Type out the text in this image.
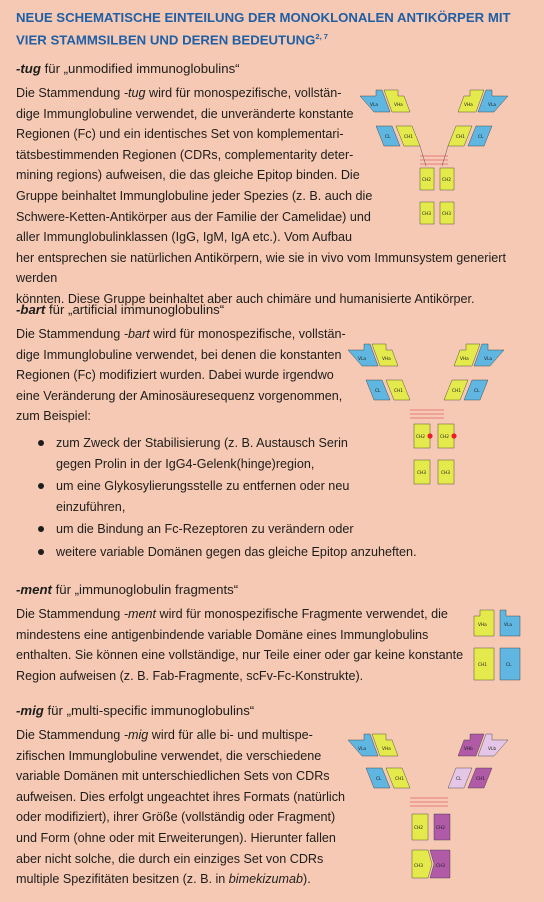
NEUE SCHEMATISCHE EINTEILUNG DER MONOKLONALEN ANTIKÖRPER MIT VIER STAMMSILBEN UND DEREN BEDEUTUNG$^{2, 7}$

-tug für „unmodified immunoglobulins“

Die Stammendung -tug wird für monospezifische, vollstän-
dige Immunglobuline verwendet, die unveränderte konstante
Regionen (Fc) und ein identisches Set von komplementari-
tätsbestimmenden Regionen (CDRs, complementarity deter-
mining regions) aufweisen, die das gleiche Epitop binden. Die
Gruppe beinhaltet Immunglobuline jeder Spezies (z. B. auch die
Schwere-Ketten-Antikörper aus der Familie der Camelidae) und
aller Immunglobulinklassen (IgG, IgM, IgA etc.). Vom Aufbau
her entsprechen sie natürlichen Antikörpern, wie sie in vivo vom Immunsystem generiert werden
könnten. Diese Gruppe beinhaltet aber auch chimäre und humanisierte Antikörper.

-bart für „artificial immunoglobulins“

Die Stammendung -bart wird für monospezifische, vollstän-
dige Immunglobuline verwendet, bei denen die konstanten
Regionen (Fc) modifiziert wurden. Dabei wurde irgendwo
eine Veränderung der Aminosäuresequenz vorgenommen,
zum Beispiel:
zum Zweck der Stabilisierung (z. B. Austausch Serin
gegen Prolin in der IgG4-Gelenk(hinge)region,
um eine Glykosylierungsstelle zu entfernen oder neu
einzuführen,
um die Bindung an Fc-Rezeptoren zu verändern oder
weitere variable Domänen gegen das gleiche Epitop anzuheften.

-ment für „immunoglobulin fragments“

Die Stammendung -ment wird für monospezifische Fragmente verwendet, die
mindestens eine antigenbindende variable Domäne eines Immunglobulins
enthalten. Sie können eine vollständige, nur Teile einer oder gar keine konstante
Region aufweisen (z. B. Fab-Fragmente, scFv-Fc-Konstrukte).

-mig für „multi-specific immunoglobulins“

Die Stammendung -mig wird für alle bi- und multispe-
zifischen Immunglobuline verwendet, die verschiedene
variable Domänen mit unterschiedlichen Sets von CDRs
aufweisen. Dies erfolgt ungeachtet ihres Formats (natürlich
oder modifiziert), ihrer Größe (vollständig oder Fragment)
und Form (ohne oder mit Erweiterungen). Hierunter fallen
aber nicht solche, die durch ein einziges Set von CDRs
multiple Spezifitäten besitzen (z. B. in bimekizumab).
VLa	VHa	VHa	VLa
CL	CH1	CH1	CL
CH2	CH2
CH3	CH3
VLa	VHa	VHa	VLa
CL	CH1	CH1	CL
CH2	CH2
CH3	CH3
VHa	VLa
CH1	CL
VLa	VHa	VHb	VLb
CL	CH1	CL	CH1
CH2	CH2
CH3	CH3
